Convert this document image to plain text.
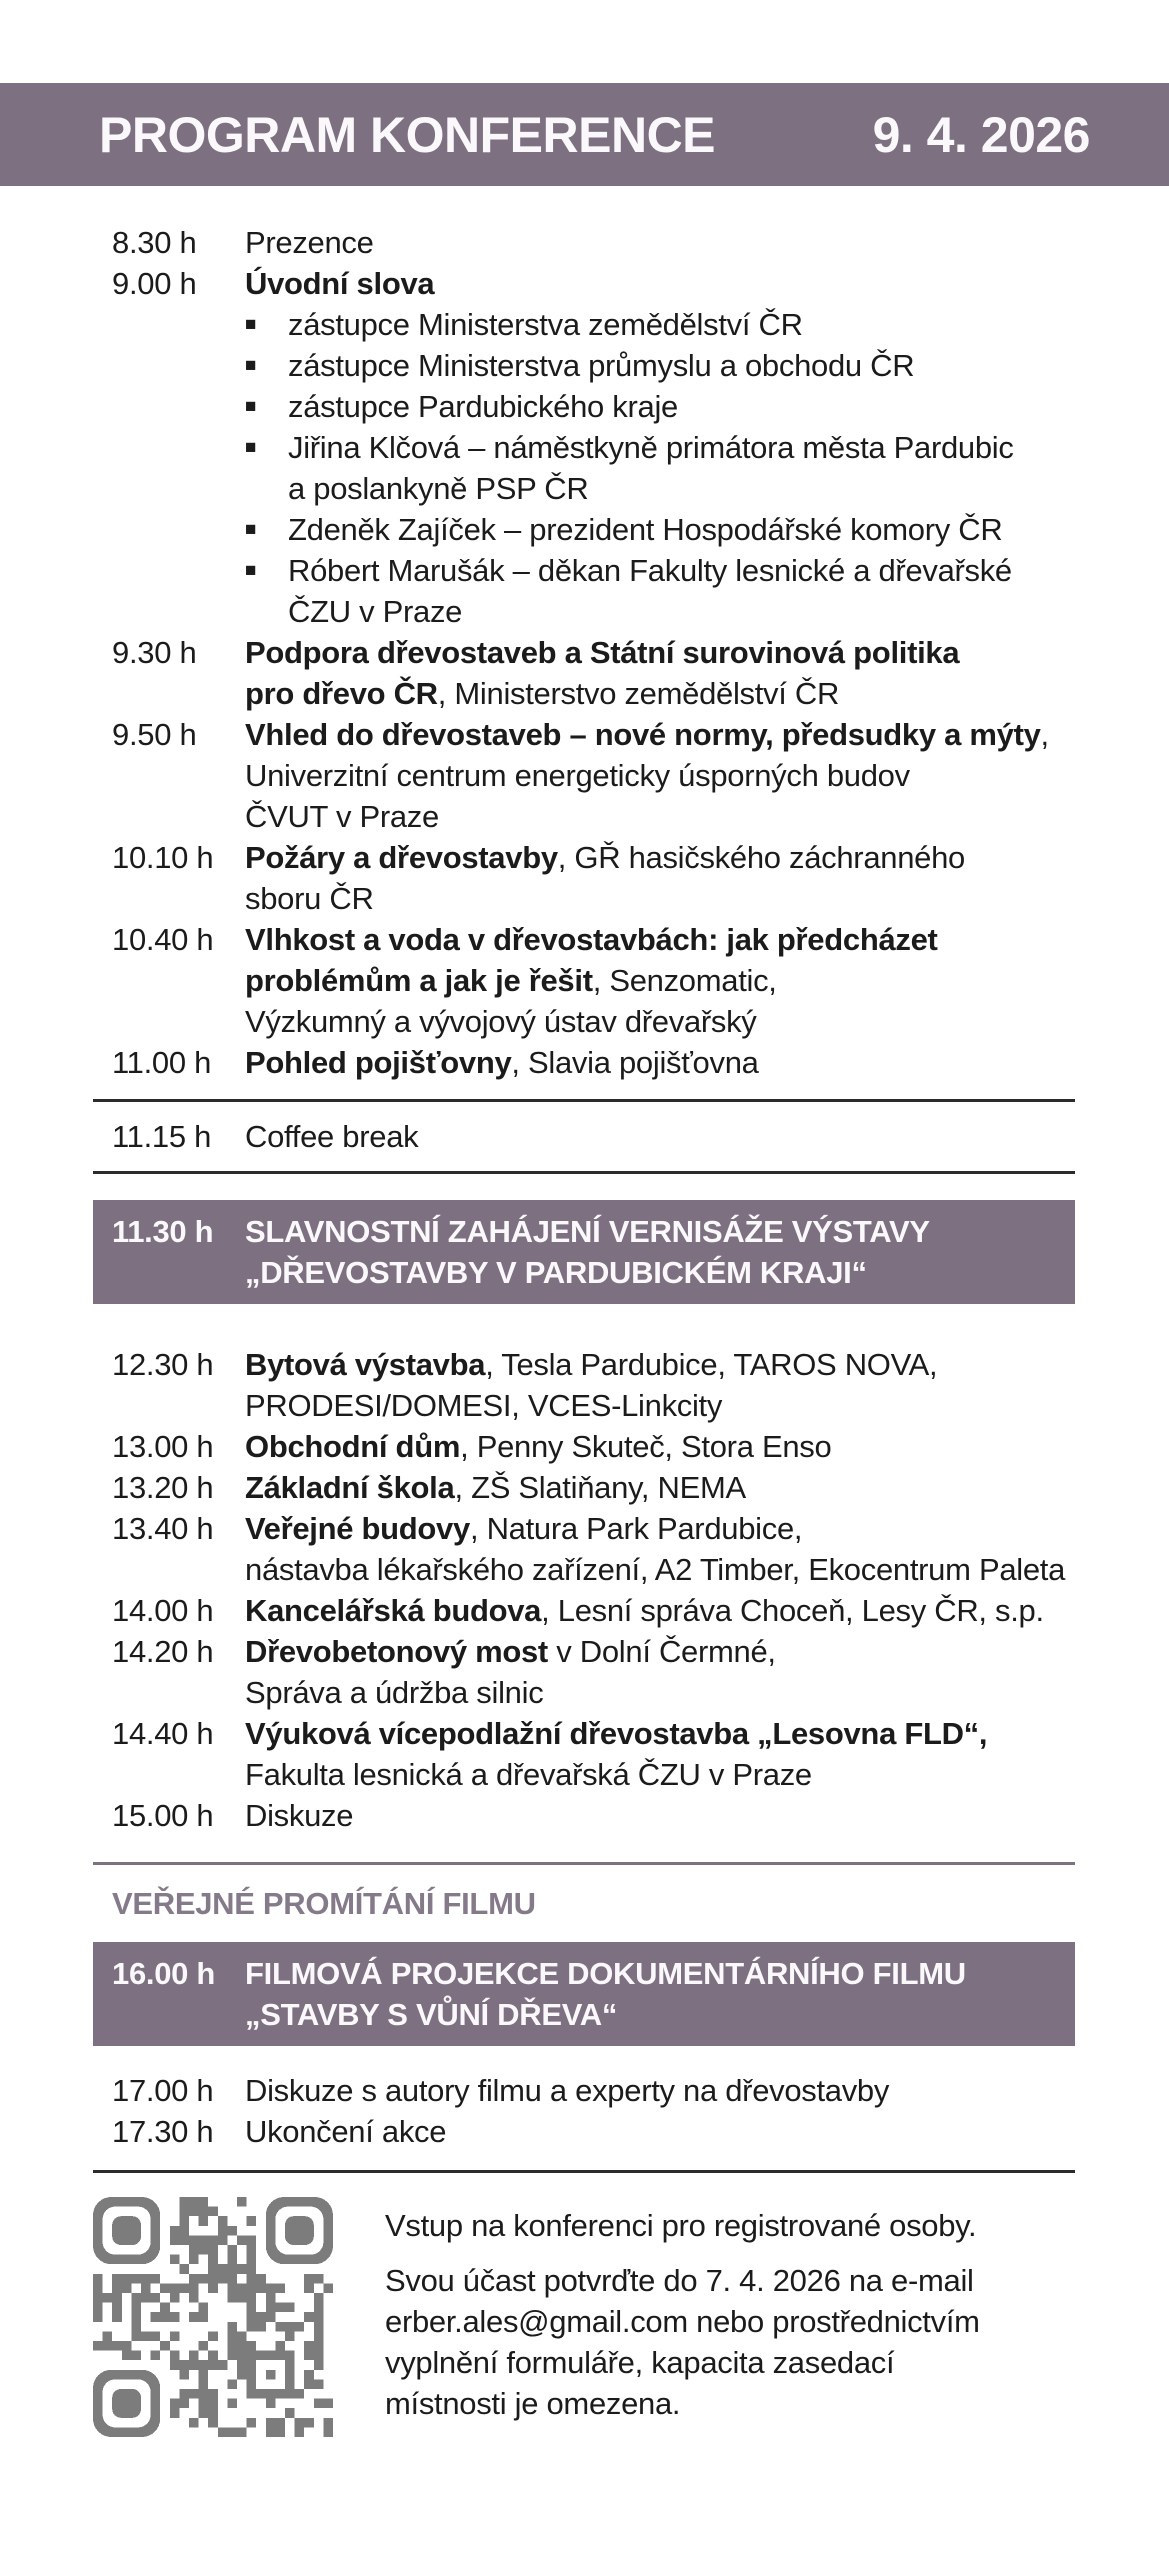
PROGRAM KONFERENCE	9. 4. 2026
8.30 h	Prezence
9.00 h	Úvodní slova
■	zástupce Ministerstva zemědělství ČR
■	zástupce Ministerstva průmyslu a obchodu ČR
■	zástupce Pardubického kraje
■	Jiřina Klčová – náměstkyně primátora města Pardubic
a poslankyně PSP ČR
■	Zdeněk Zajíček – prezident Hospodářské komory ČR
■	Róbert Marušák – děkan Fakulty lesnické a dřevařské
ČZU v Praze
9.30 h	Podpora dřevostaveb a Státní surovinová politika
pro dřevo ČR, Ministerstvo zemědělství ČR
9.50 h	Vhled do dřevostaveb – nové normy, předsudky a mýty,
Univerzitní centrum energeticky úsporných budov
ČVUT v Praze
10.10 h	Požáry a dřevostavby, GŘ hasičského záchranného
sboru ČR
10.40 h	Vlhkost a voda v dřevostavbách: jak předcházet
problémům a jak je řešit, Senzomatic,
Výzkumný a vývojový ústav dřevařský
11.00 h	Pohled pojišťovny, Slavia pojišťovna
11.15 h	Coffee break
11.30 h	SLAVNOSTNÍ ZAHÁJENÍ VERNISÁŽE VÝSTAVY
„DŘEVOSTAVBY V PARDUBICKÉM KRAJI“
12.30 h	Bytová výstavba, Tesla Pardubice, TAROS NOVA,
PRODESI/DOMESI, VCES-Linkcity
13.00 h	Obchodní dům, Penny Skuteč, Stora Enso
13.20 h	Základní škola, ZŠ Slatiňany, NEMA
13.40 h	Veřejné budovy, Natura Park Pardubice,
nástavba lékařského zařízení, A2 Timber, Ekocentrum Paleta
14.00 h	Kancelářská budova, Lesní správa Choceň, Lesy ČR, s.p.
14.20 h	Dřevobetonový most v Dolní Čermné,
Správa a údržba silnic
14.40 h	Výuková vícepodlažní dřevostavba „Lesovna FLD“,
Fakulta lesnická a dřevařská ČZU v Praze
15.00 h	Diskuze
VEŘEJNÉ PROMÍTÁNÍ FILMU
16.00 h FILMOVÁ PROJEKCE DOKUMENTÁRNÍHO FILMU
„STAVBY S VŮNÍ DŘEVA“
17.00 h	Diskuze s autory filmu a experty na dřevostavby
17.30 h	Ukončení akce

Vstup na konferenci pro registrované osoby.

Svou účast potvrďte do 7. 4. 2026 na e-mail
erber.ales@gmail.com nebo prostřednictvím
vyplnění formuláře, kapacita zasedací
místnosti je omezena.
